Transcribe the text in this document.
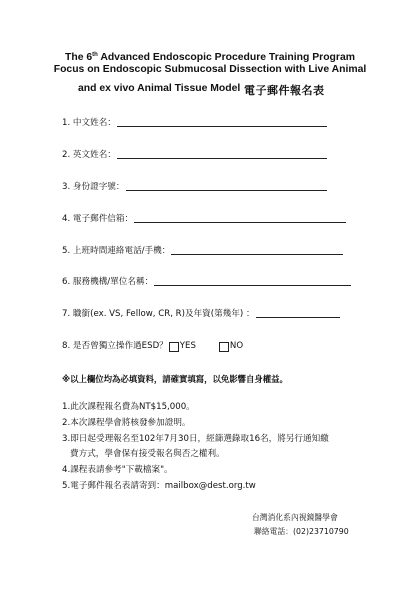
The 6th Advanced Endoscopic Procedure Training Program
Focus on Endoscopic Submucosal Dissection with Live Animal
and ex vivo Animal Tissue Model 電子郵件報名表
1. 中文姓名：
2. 英文姓名：
3. 身份證字號：
4. 電子郵件信箱：
5. 上班時間連絡電話/手機：
6. 服務機構/單位名稱：
7. 職銜(ex. VS, Fellow, CR, R)及年資(第幾年) ：
8. 是否曾獨立操作過ESD？ YES	NO
※以上欄位均為必填資料，請確實填寫，以免影響自身權益。
1.此次課程報名費為NT$15,000。
2.本次課程學會將核發參加證明。
3.即日起受理報名至102年7月30日，經篩選錄取16名，將另行通知繳
費方式，學會保有接受報名與否之權利。
4.課程表請參考"下載檔案"。
5.電子郵件報名表請寄到：mailbox@dest.org.tw
台灣消化系內視鏡醫學會
聯絡電話：(02)23710790
